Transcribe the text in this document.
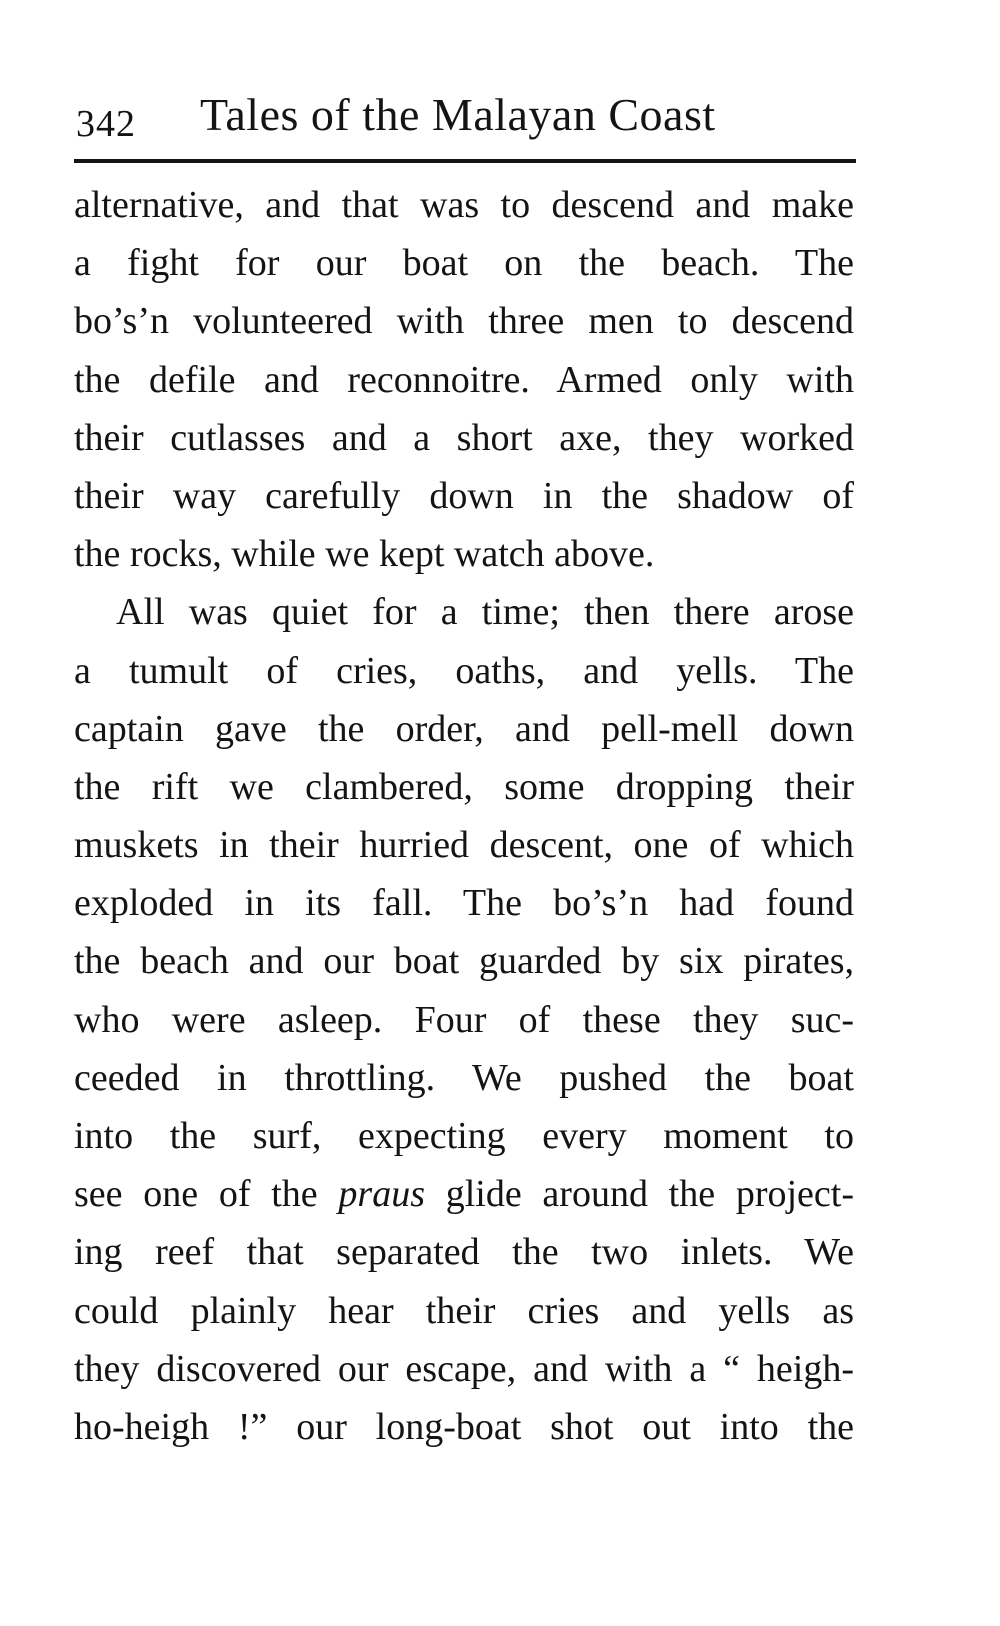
342 Tales of the Malayan Coast
alternative, and that was to descend and make
a fight for our boat on the beach. The
bo’s’n volunteered with three men to descend
the defile and reconnoitre. Armed only with
their cutlasses and a short axe, they worked
their way carefully down in the shadow of
the rocks, while we kept watch above.
All was quiet for a time; then there arose
a tumult of cries, oaths, and yells. The
captain gave the order, and pell-mell down
the rift we clambered, some dropping their
muskets in their hurried descent, one of which
exploded in its fall. The bo’s’n had found
the beach and our boat guarded by six pirates,
who were asleep. Four of these they suc-
ceeded in throttling. We pushed the boat
into the surf, expecting every moment to
see one of the praus glide around the project-
ing reef that separated the two inlets. We
could plainly hear their cries and yells as
they discovered our escape, and with a “ heigh-
ho-heigh !” our long-boat shot out into the
